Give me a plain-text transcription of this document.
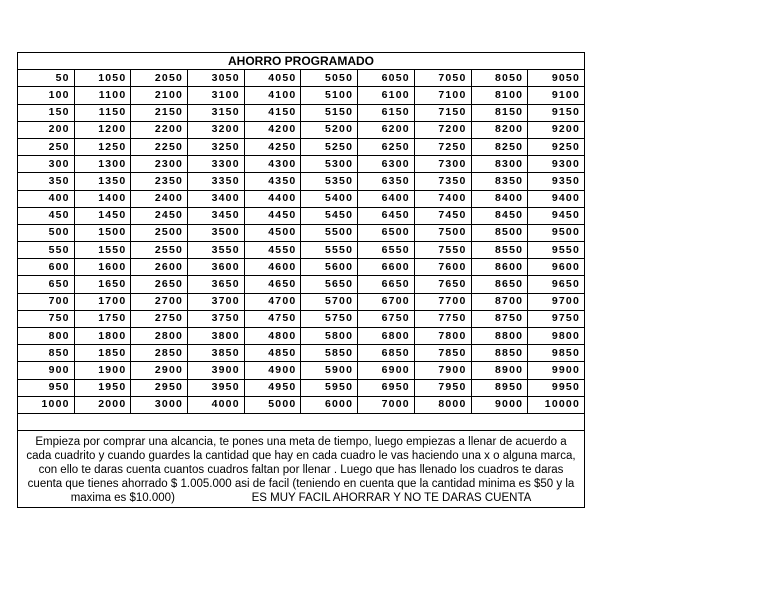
AHORRO PROGRAMADO									
50	1050	2050	3050	4050	5050	6050	7050	8050	9050
100	1100	2100	3100	4100	5100	6100	7100	8100	9100
150	1150	2150	3150	4150	5150	6150	7150	8150	9150
200	1200	2200	3200	4200	5200	6200	7200	8200	9200
250	1250	2250	3250	4250	5250	6250	7250	8250	9250
300	1300	2300	3300	4300	5300	6300	7300	8300	9300
350	1350	2350	3350	4350	5350	6350	7350	8350	9350
400	1400	2400	3400	4400	5400	6400	7400	8400	9400
450	1450	2450	3450	4450	5450	6450	7450	8450	9450
500	1500	2500	3500	4500	5500	6500	7500	8500	9500
550	1550	2550	3550	4550	5550	6550	7550	8550	9550
600	1600	2600	3600	4600	5600	6600	7600	8600	9600
650	1650	2650	3650	4650	5650	6650	7650	8650	9650
700	1700	2700	3700	4700	5700	6700	7700	8700	9700
750	1750	2750	3750	4750	5750	6750	7750	8750	9750
800	1800	2800	3800	4800	5800	6800	7800	8800	9800
850	1850	2850	3850	4850	5850	6850	7850	8850	9850
900	1900	2900	3900	4900	5900	6900	7900	8900	9900
950	1950	2950	3950	4950	5950	6950	7950	8950	9950
1000	2000	3000	4000	5000	6000	7000	8000	9000	10000

Empieza por comprar una alcancia, te pones una meta de tiempo, luego empiezas a llenar de acuerdo a
cada cuadrito y cuando guardes la cantidad que hay en cada cuadro le vas haciendo una x o alguna marca,
con ello te daras cuenta cuantos cuadros faltan por llenar . Luego que has llenado los cuadros te daras
cuenta que tienes ahorrado $ 1.005.000 asi de facil (teniendo en cuenta que la cantidad minima es $50 y la
maxima es $10.000)	ES MUY FACIL AHORRAR Y NO TE DARAS CUENTA
